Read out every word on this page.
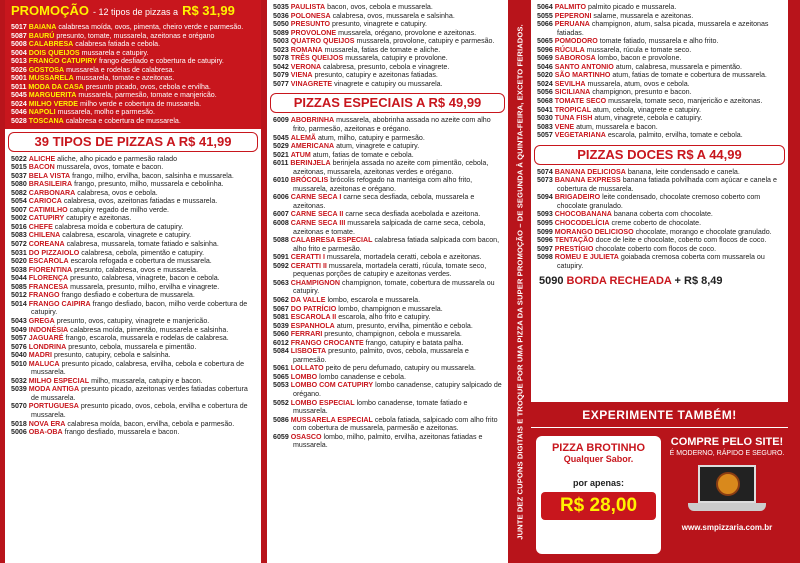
PROMOÇÃO - 12 tipos de pizzas a R$ 31,99
5017 BAIANA calabresa moída, ovos, pimenta, cheiro verde e parmesão.
5087 BAURÚ presunto, tomate, mussarela, azeitonas e orégano
5008 CALABRESA calabresa fatiada e cebola.
5004 DOIS QUEIJOS mussarela e catupiry.
5013 FRANGO CATUPIRY frango desfiado e cobertura de catupiry.
5026 GOSTOSA mussarela e rodelas de calabresa.
5001 MUSSARELA mussarela, tomate e azeitonas.
5011 MODA DA CASA presunto picado, ovos, cebola e ervilha.
5045 MARGUERITA mussarela, parmesão, tomate e manjericão.
5024 MILHO VERDE milho verde e cobertura de mussarela.
5046 NAPOLI mussarela, molho e parmesão.
5028 TOSCANA calabresa e cobertura de mussarela.
39 TIPOS DE PIZZAS A R$ 41,99
5022 ALICHE aliche, alho picado e parmesão ralado
5015 BACON mussarela, ovos, tomate e bacon.
5037 BELA VISTA frango, milho, ervilha, bacon, salsinha e mussarela.
5080 BRASILEIRA frango, presunto, milho, mussarela e cebolinha.
5082 CARBONARA calabresa, ovos e cebola.
5054 CARIOCA calabresa, ovos, azeitonas fatiadas e mussarela.
5007 CATIMILHO catupiry regado de milho verde.
5002 CATUPIRY catupiry e azeitonas.
5016 CHEFE calabresa moída e cobertura de catupiry.
5083 CHILENA calabresa, escarola, vinagrete e catupiry.
5072 COREANA calabresa, mussarela, tomate fatiado e salsinha.
5031 DO PIZZAIOLO calabresa, cebola, pimentão e catupiry.
5020 ESCAROLA escarola refogada e cobertura de mussarela.
5038 FIORENTINA presunto, calabresa, ovos e mussarela.
5044 FLORENÇA presunto, calabresa, vinagrete, bacon e cebola.
5085 FRANCESA mussarela, presunto, milho, ervilha e vinagrete.
5012 FRANGO frango desfiado e cobertura de mussarela.
5014 FRANGO CAIPIRA frango desfiado, bacon, milho verde cobertura de catupiry.
5043 GREGA presunto, ovos, catupiry, vinagrete e manjericão.
5049 INDONÉSIA calabresa moída, pimentão, mussarela e salsinha.
5057 JAGUARÉ frango, escarola, mussarela e rodelas de calabresa.
5076 LONDRINA presunto, cebola, mussarela e pimentão.
5040 MADRI presunto, catupiry, cebola e salsinha.
5010 MALUCA presunto picado, calabresa, ervilha, cebola e cobertura de mussarela.
5032 MILHO ESPECIAL milho, mussarela, catupiry e bacon.
5039 MODA ANTIGA presunto picado, azeitonas verdes fatiadas cobertura de mussarela.
5070 PORTUGUESA presunto picado, ovos, cebola, ervilha e cobertura de mussarela.
5018 NOVA ERA calabresa moída, bacon, ervilha, cebola e parmesão.
5006 OBA-OBA frango desfiado, mussarela e bacon.
5035 PAULISTA bacon, ovos, cebola e mussarela.
5036 POLONESA calabresa, ovos, mussarela e salsinha.
5050 PRESUNTO presunto, vinagrete e catupiry.
5089 PROVOLONE mussarela, orégano, provolone e azeitonas.
5003 QUATRO QUEIJOS mussarela, provolone, catupiry e parmesão.
5023 ROMANA mussarela, fatias de tomate e aliche.
5078 TRÊS QUEIJOS mussarela, catupiry e provolone.
5042 VERONA calabresa, presunto, cebola e vinagrete.
5079 VIENA presunto, catupiry e azeitonas fatiadas.
5077 VINAGRETE vinagrete e catupiry ou mussarela.
PIZZAS ESPECIAIS A R$ 49,99
6009 ABOBRINHA mussarela, abobrinha assada no azeite com alho frito, parmesão, azeitonas e orégano.
5045 ALEMÃ atum, milho, catupiry e parmesão.
5029 AMERICANA atum, vinagrete e catupiry.
5021 ATUM atum, fatias de tomate e cebola.
6011 BERINJELA berinjela assada no azeite com pimentão, cebola, azeitonas, mussarela, azeitonas verdes e orégano.
6010 BRÓCOLIS brócolis refogado na manteiga com alho frito, mussarela, azeitonas e orégano.
6006 CARNE SECA I carne seca desfiada, cebola, mussarela e azeitonas.
6007 CARNE SECA II carne seca desfiada acebolada e azeitona.
6008 CARNE SECA III mussarela salpicada de carne seca, cebola, azeitonas e tomate.
5088 CALABRESA ESPECIAL calabresa fatiada salpicada com bacon, alho frito e parmesão.
5091 CERATTI I mussarela, mortadela ceratti, cebola e azeitonas.
5092 CERATTI II mussarela, mortadela ceratti, rúcula, tomate seco, pequenas porções de catupiry e azeitonas verdes.
5063 CHAMPIGNON champignon, tomate, cobertura de mussarela ou catupiry.
5062 DA VALLE lombo, escarola e mussarela.
5067 DO PATRÍCIO lombo, champignon e mussarela.
5081 ESCAROLA II escarola, alho frito e catupiry.
5039 ESPANHOLA atum, presunto, ervilha, pimentão e cebola.
5060 FERRARI presunto, champignon, cebola e mussarela.
6012 FRANGO CROCANTE frango, catupiry e batata palha.
5084 LISBOETA presunto, palmito, ovos, cebola, mussarela e parmesão.
5061 LOLLATO peito de peru defumado, catupiry ou mussarela.
5065 LOMBO lombo canadense e cebola.
5053 LOMBO COM CATUPIRY lombo canadense, catupiry salpicado de orégano.
5052 LOMBO ESPECIAL lombo canadense, tomate fatiado e mussarela.
5086 MUSSARELA ESPECIAL cebola fatiada, salpicado com alho frito com cobertura de mussarela, parmesão e azeitonas.
6059 OSASCO lombo, milho, palmito, ervilha, azeitonas fatiadas e mussarela.	JUNTE DEZ CUPONS DIGITAIS E TROQUE POR UMA PIZZA DA SUPER PROMOÇÃO – DE SEGUNDA À QUINTA-FEIRA, EXCETO FERIADOS.
5064 PALMITO palmito picado e mussarela.
5055 PEPERONI salame, mussarela e azeitonas.
5066 PERUANA champignon, atum, salsa picada, mussarela e azeitonas fatiadas.
5065 POMODORO tomate fatiado, mussarela e alho frito.
5096 RÚCULA mussarela, rúcula e tomate seco.
5069 SABOROSA lombo, bacon e provolone.
5046 SANTO ANTONIO atum, calabresa, mussarela e pimentão.
5020 SÃO MARTINHO atum, fatias de tomate e cobertura de mussarela.
5024 SEVILHA mussarela, atum, ovos e cebola.
5056 SICILIANA champignon, presunto e bacon.
5068 TOMATE SECO mussarela, tomate seco, manjericão e azeitonas.
5041 TROPICAL atum, cebola, vinagrete e catupiry.
5030 TUNA FISH atum, vinagrete, cebola e catupiry.
5083 VENE atum, mussarela e bacon.
5057 VEGETARIANA escarola, palmito, ervilha, tomate e cebola.
PIZZAS DOCES R$ A 44,99
5074 BANANA DELICIOSA banana, leite condensado e canela.
5073 BANANA EXPRESS banana fatiada polvilhada com açúcar e canela e cobertura de mussarela.
5094 BRIGADEIRO leite condensado, chocolate cremoso coberto com chocolate granulado.
5093 CHOCOBANANA banana coberta com chocolate.
5095 CHOCODELÍCIA creme coberto de chocolate.
5099 MORANGO DELICIOSO chocolate, morango e chocolate granulado.
5096 TENTAÇÃO doce de leite e chocolate, coberto com flocos de coco.
5097 PRESTÍGIO chocolate coberto com flocos de coco.
5098 ROMEU E JULIETA goiabada cremosa coberta com mussarela ou catupiry.
5090 BORDA RECHEADA + R$ 8,49
EXPERIMENTE TAMBÉM!
PIZZA BROTINHO
Qualquer Sabor.
por apenas:
R$ 28,00
COMPRE PELO SITE!
É MODERNO, RÁPIDO E SEGURO.
www.smpizzaria.com.br
